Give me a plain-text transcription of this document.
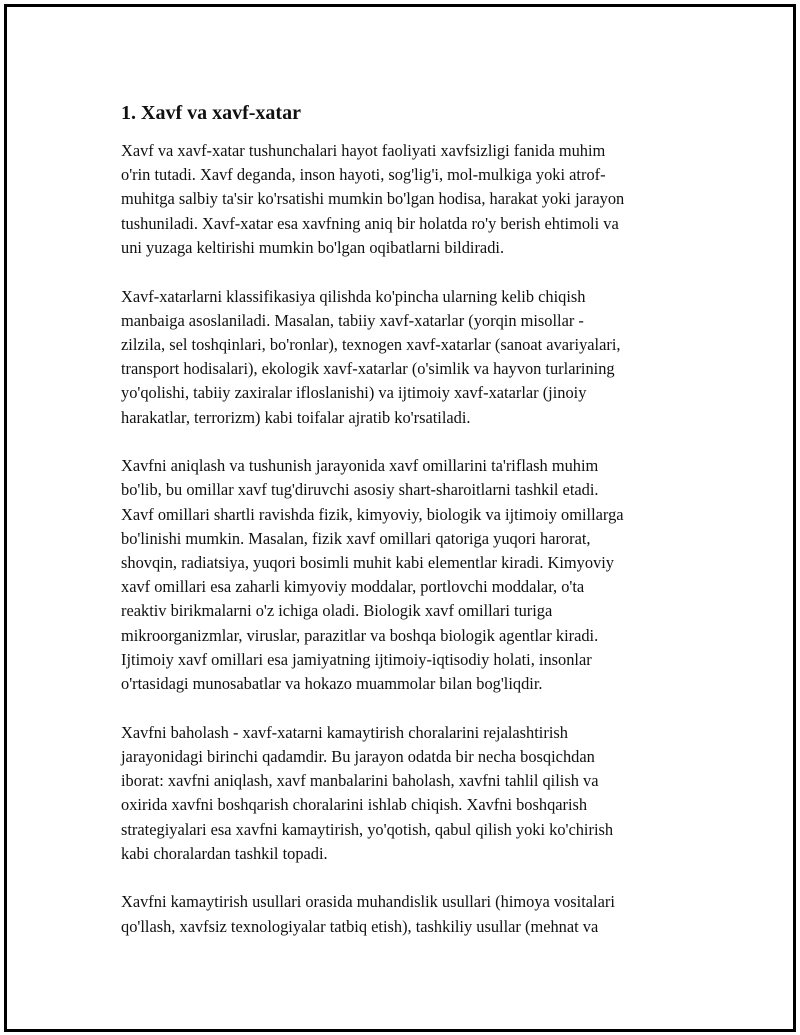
1. Xavf va xavf-xatar

Xavf va xavf-xatar tushunchalari hayot faoliyati xavfsizligi fanida muhim
o'rin tutadi. Xavf deganda, inson hayoti, sog'lig'i, mol-mulkiga yoki atrof-
muhitga salbiy ta'sir ko'rsatishi mumkin bo'lgan hodisa, harakat yoki jarayon
tushuniladi. Xavf-xatar esa xavfning aniq bir holatda ro'y berish ehtimoli va
uni yuzaga keltirishi mumkin bo'lgan oqibatlarni bildiradi.

Xavf-xatarlarni klassifikasiya qilishda ko'pincha ularning kelib chiqish
manbaiga asoslaniladi. Masalan, tabiiy xavf-xatarlar (yorqin misollar -
zilzila, sel toshqinlari, bo'ronlar), texnogen xavf-xatarlar (sanoat avariyalari,
transport hodisalari), ekologik xavf-xatarlar (o'simlik va hayvon turlarining
yo'qolishi, tabiiy zaxiralar ifloslanishi) va ijtimoiy xavf-xatarlar (jinoiy
harakatlar, terrorizm) kabi toifalar ajratib ko'rsatiladi.

Xavfni aniqlash va tushunish jarayonida xavf omillarini ta'riflash muhim
bo'lib, bu omillar xavf tug'diruvchi asosiy shart-sharoitlarni tashkil etadi.
Xavf omillari shartli ravishda fizik, kimyoviy, biologik va ijtimoiy omillarga
bo'linishi mumkin. Masalan, fizik xavf omillari qatoriga yuqori harorat,
shovqin, radiatsiya, yuqori bosimli muhit kabi elementlar kiradi. Kimyoviy
xavf omillari esa zaharli kimyoviy moddalar, portlovchi moddalar, o'ta
reaktiv birikmalarni o'z ichiga oladi. Biologik xavf omillari turiga
mikroorganizmlar, viruslar, parazitlar va boshqa biologik agentlar kiradi.
Ijtimoiy xavf omillari esa jamiyatning ijtimoiy-iqtisodiy holati, insonlar
o'rtasidagi munosabatlar va hokazo muammolar bilan bog'liqdir.

Xavfni baholash - xavf-xatarni kamaytirish choralarini rejalashtirish
jarayonidagi birinchi qadamdir. Bu jarayon odatda bir necha bosqichdan
iborat: xavfni aniqlash, xavf manbalarini baholash, xavfni tahlil qilish va
oxirida xavfni boshqarish choralarini ishlab chiqish. Xavfni boshqarish
strategiyalari esa xavfni kamaytirish, yo'qotish, qabul qilish yoki ko'chirish
kabi choralardan tashkil topadi.

Xavfni kamaytirish usullari orasida muhandislik usullari (himoya vositalari
qo'llash, xavfsiz texnologiyalar tatbiq etish), tashkiliy usullar (mehnat va
